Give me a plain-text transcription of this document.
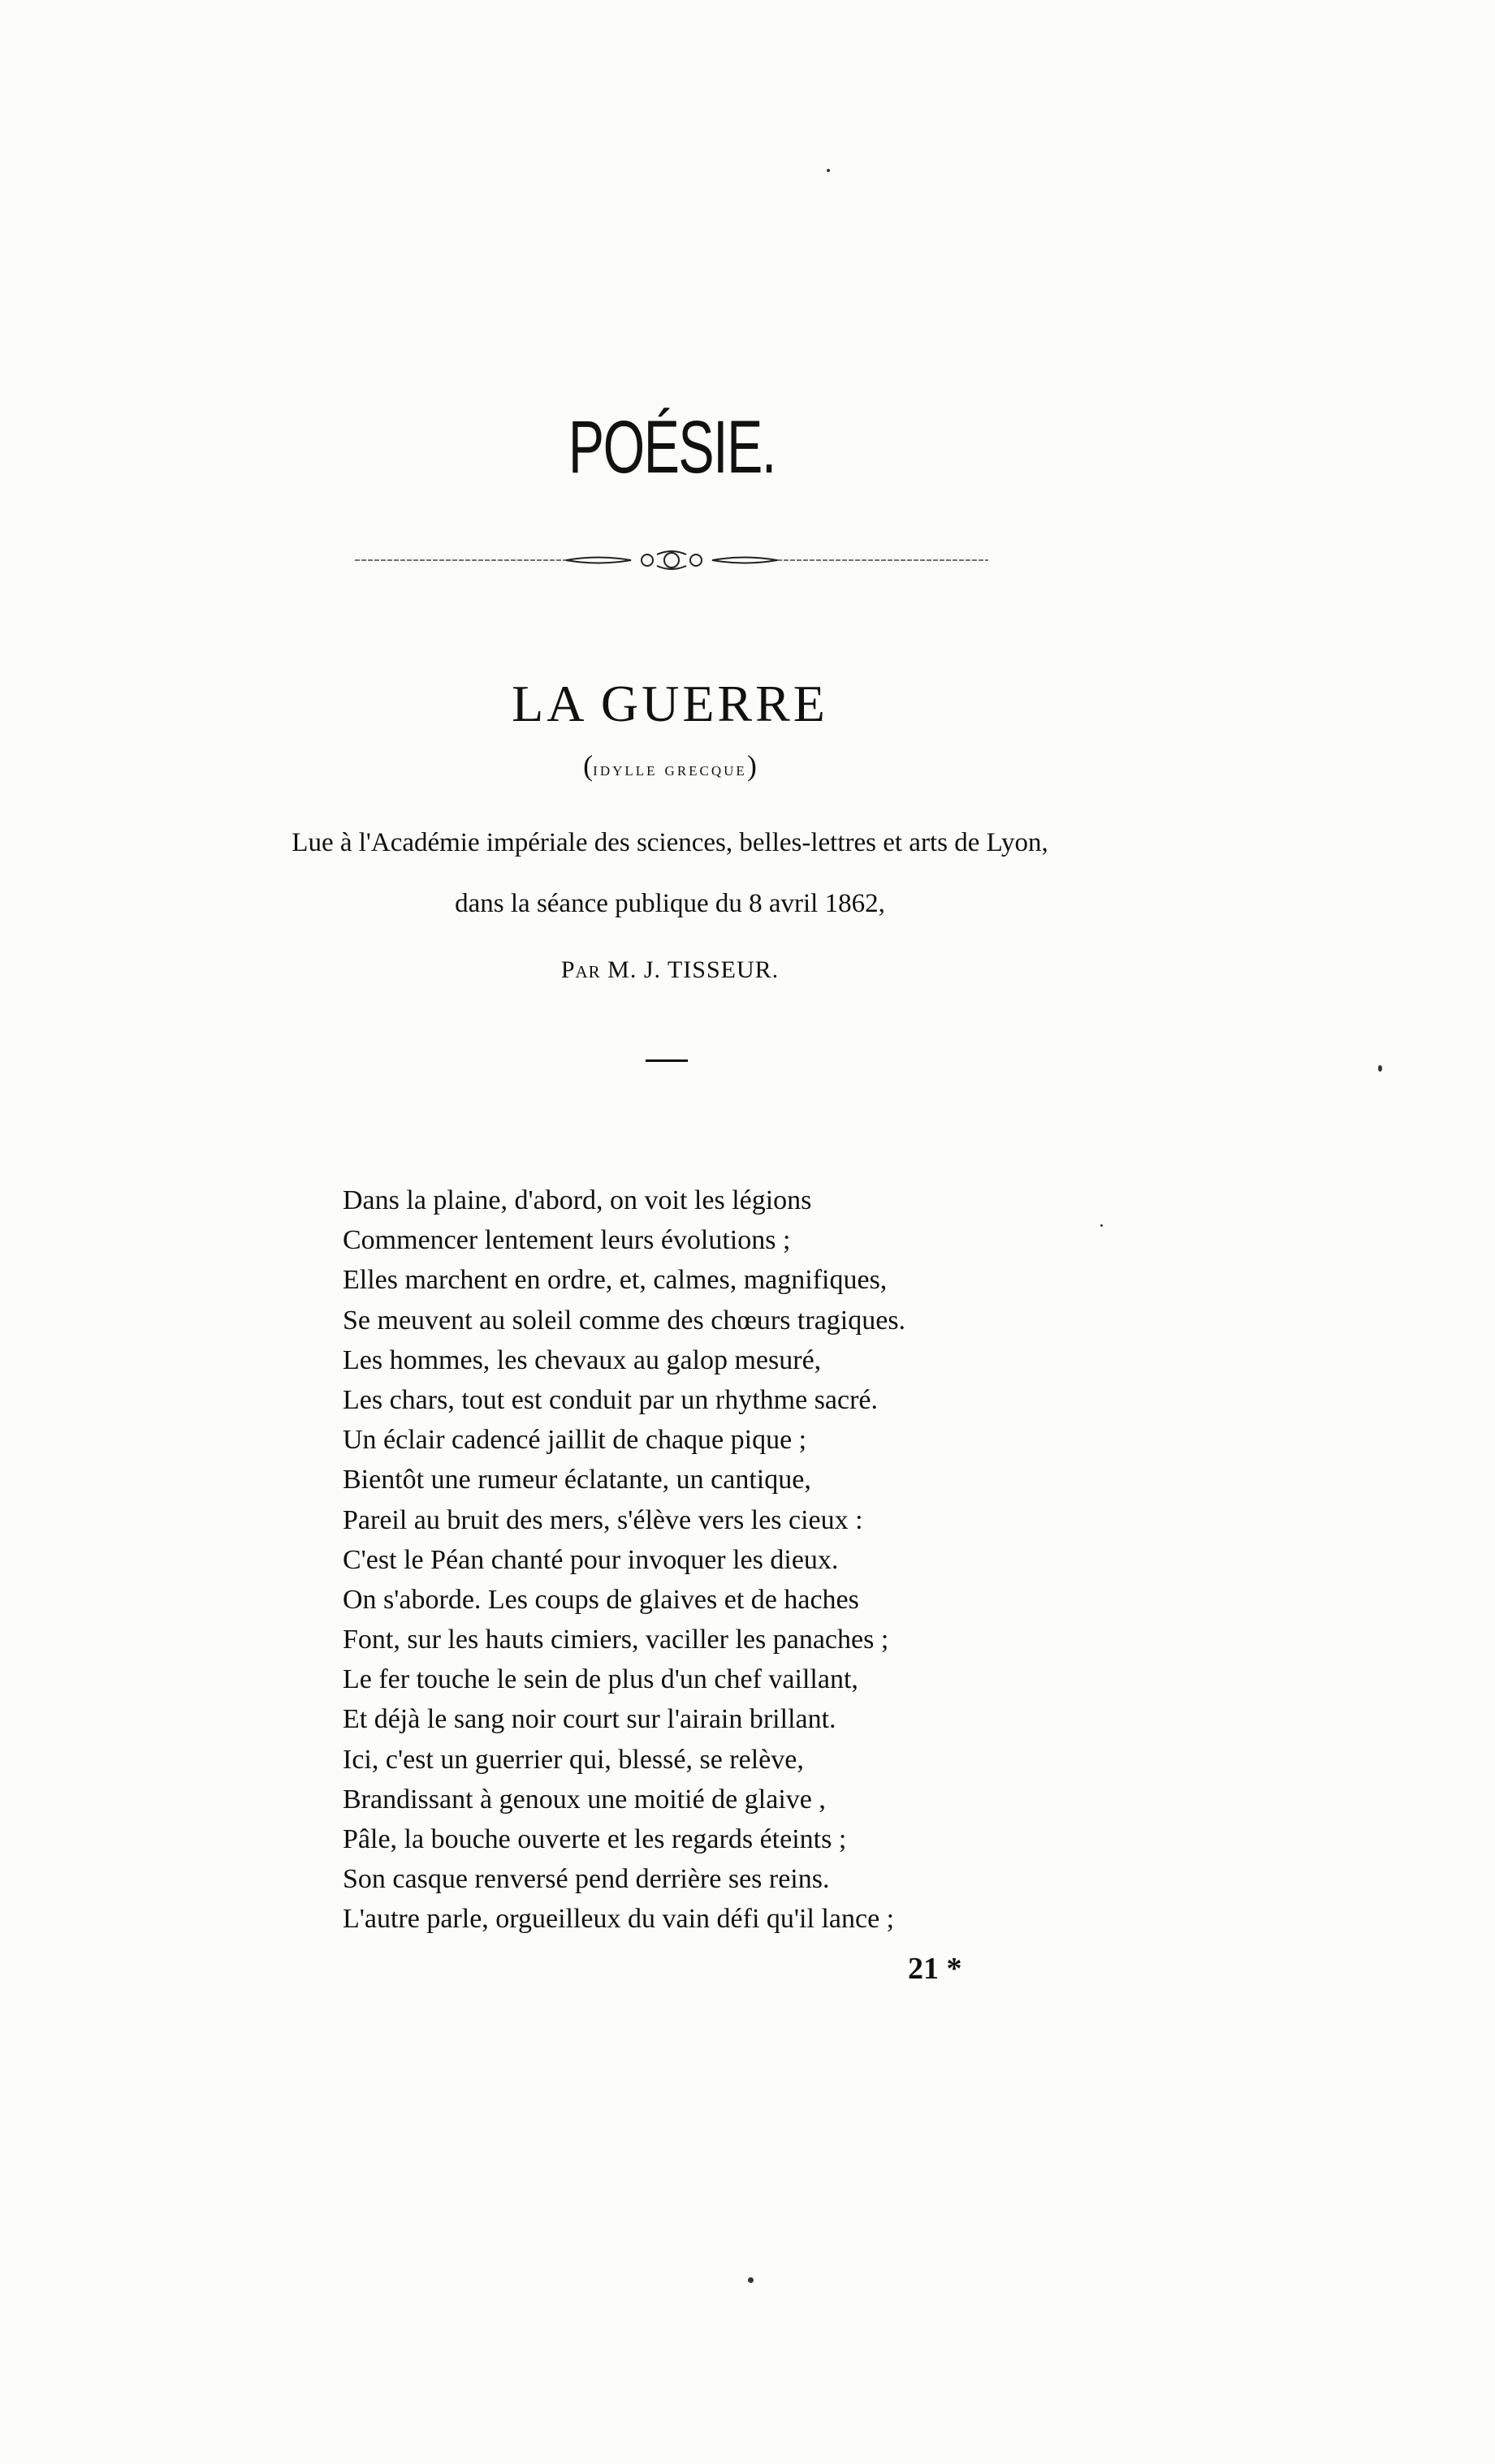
POÉSIE.
LA GUERRE
(idylle grecque)
Lue à l'Académie impériale des sciences, belles-lettres et arts de Lyon,
dans la séance publique du 8 avril 1862,
Par M. J. TISSEUR.
Dans la plaine, d'abord, on voit les légions
Commencer lentement leurs évolutions ;
Elles marchent en ordre, et, calmes, magnifiques,
Se meuvent au soleil comme des chœurs tragiques.
Les hommes, les chevaux au galop mesuré,
Les chars, tout est conduit par un rhythme sacré.
Un éclair cadencé jaillit de chaque pique ;
Bientôt une rumeur éclatante, un cantique,
Pareil au bruit des mers, s'élève vers les cieux :
C'est le Péan chanté pour invoquer les dieux.
On s'aborde. Les coups de glaives et de haches
Font, sur les hauts cimiers, vaciller les panaches ;
Le fer touche le sein de plus d'un chef vaillant,
Et déjà le sang noir court sur l'airain brillant.
Ici, c'est un guerrier qui, blessé, se relève,
Brandissant à genoux une moitié de glaive ,
Pâle, la bouche ouverte et les regards éteints ;
Son casque renversé pend derrière ses reins.
L'autre parle, orgueilleux du vain défi qu'il lance ;
21 *
